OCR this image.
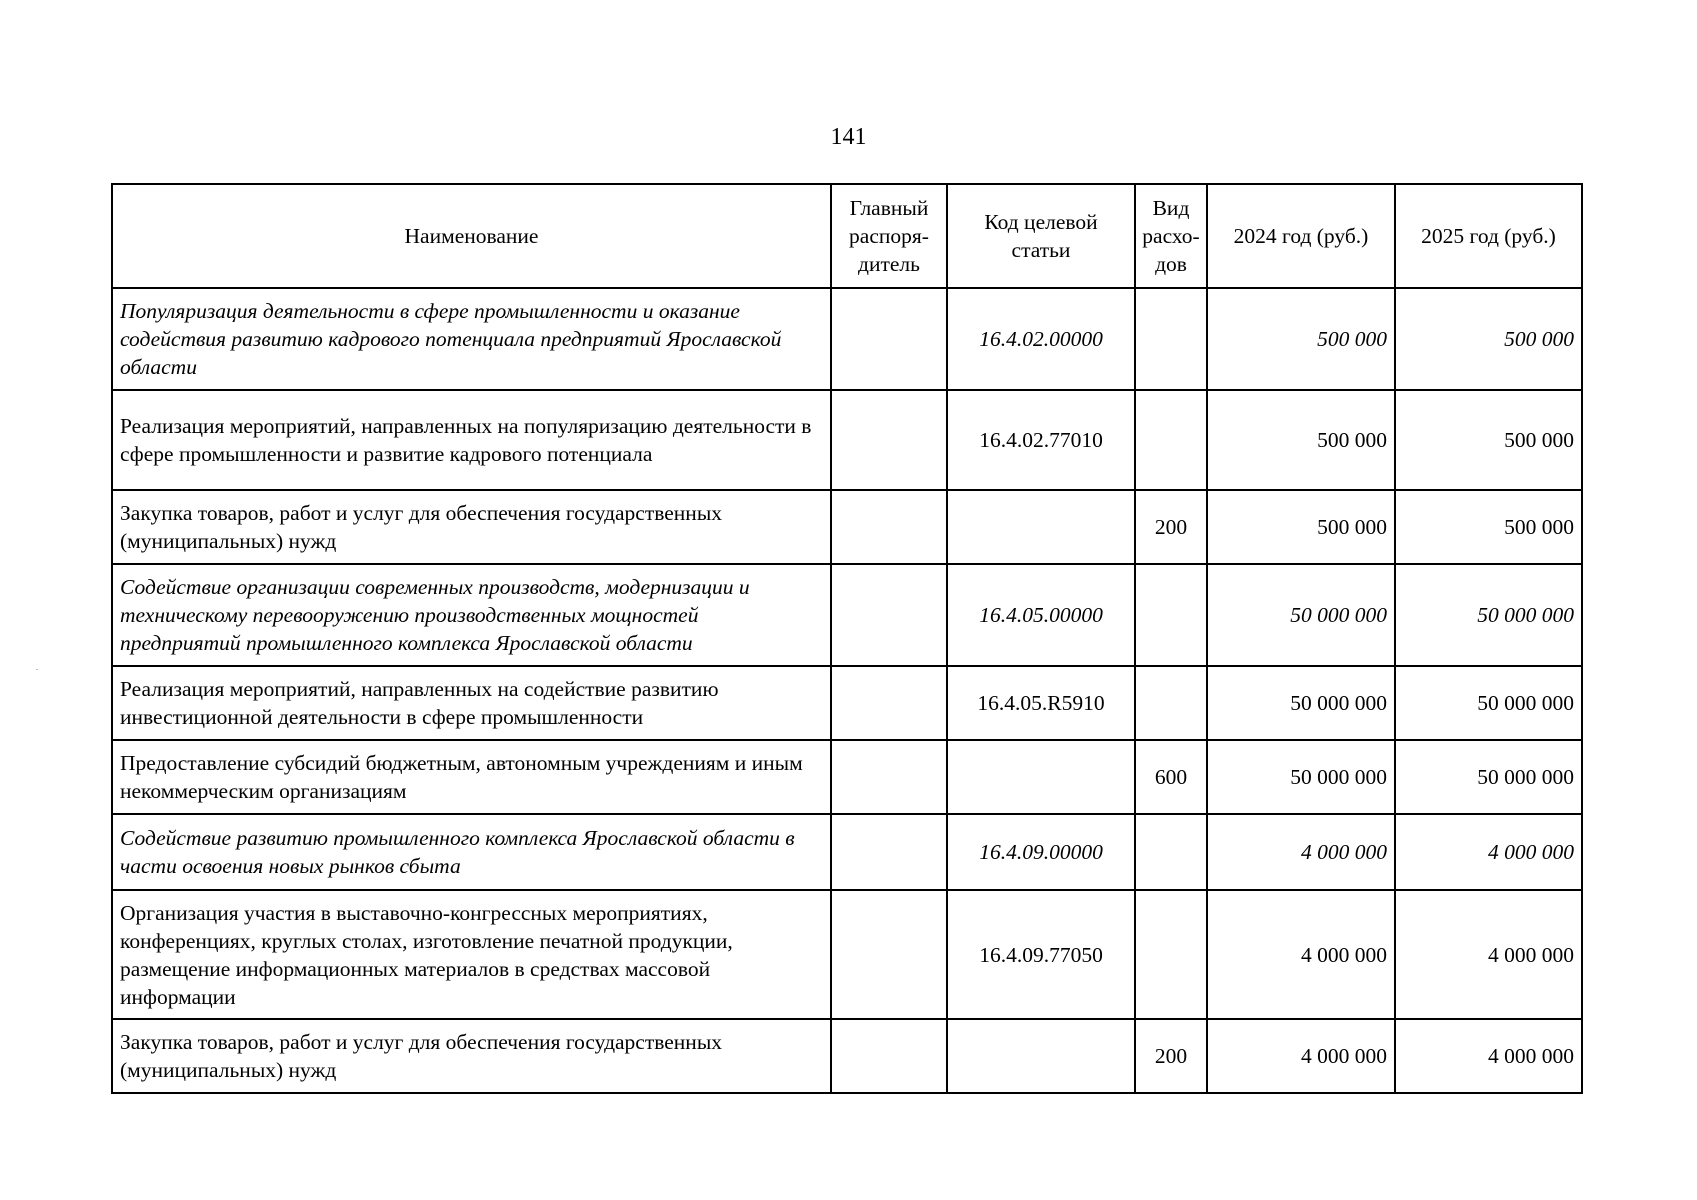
141
Наименование	Главный распоря-дитель	Код целевой статьи	Вид расхо-дов	2024 год (руб.)	2025 год (руб.)
Популяризация деятельности в сфере промышленности и оказание содействия развитию кадрового потенциала предприятий Ярославской области		16.4.02.00000		500 000	500 000
Реализация мероприятий, направленных на популяризацию деятельности в сфере промышленности и развитие кадрового потенциала		16.4.02.77010		500 000	500 000
Закупка товаров, работ и услуг для обеспечения государственных (муниципальных) нужд			200	500 000	500 000
Содействие организации современных производств, модернизации и техническому перевооружению производственных мощностей предприятий промышленного комплекса Ярославской области		16.4.05.00000		50 000 000	50 000 000
Реализация мероприятий, направленных на содействие развитию инвестиционной деятельности в сфере промышленности		16.4.05.R5910		50 000 000	50 000 000
Предоставление субсидий бюджетным, автономным учреждениям и иным некоммерческим организациям			600	50 000 000	50 000 000
Содействие развитию промышленного комплекса Ярославской области в части освоения новых рынков сбыта		16.4.09.00000		4 000 000	4 000 000
Организация участия в выставочно-конгрессных мероприятиях, конференциях, круглых столах, изготовление печатной продукции, размещение информационных материалов в средствах массовой информации		16.4.09.77050		4 000 000	4 000 000
Закупка товаров, работ и услуг для обеспечения государственных (муниципальных) нужд			200	4 000 000	4 000 000
